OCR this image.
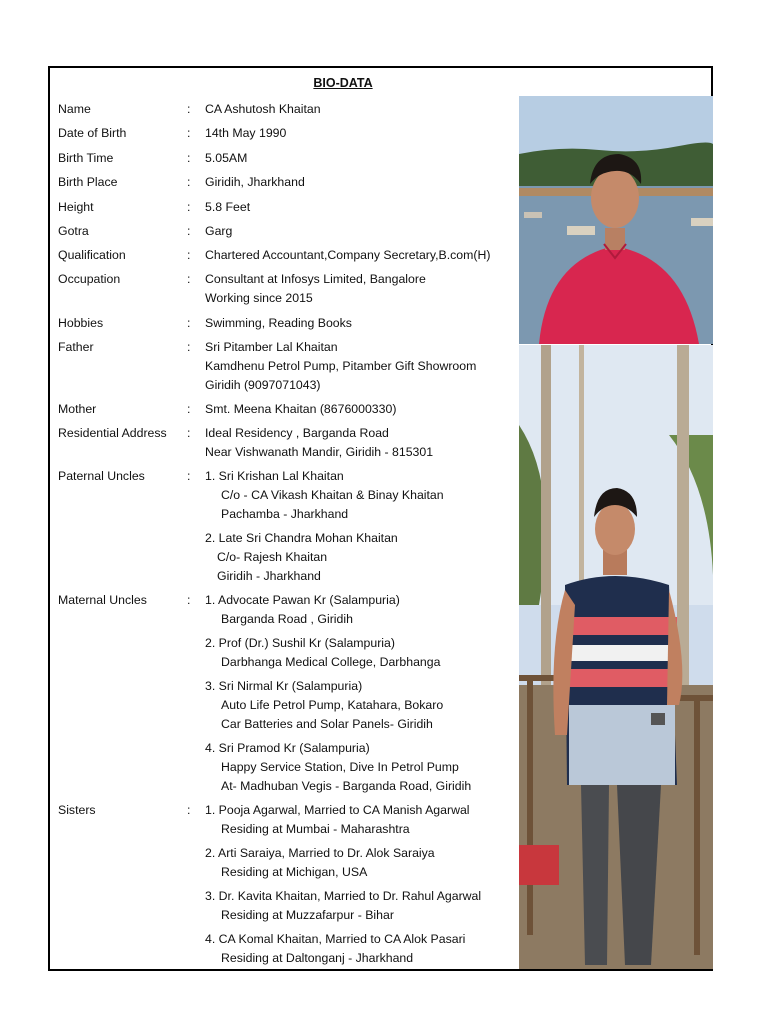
BIO-DATA
Name	: CA Ashutosh Khaitan
Date of Birth	: 14th May 1990
Birth Time	: 5.05AM
Birth Place	: Giridih, Jharkhand
Height	: 5.8 Feet
Gotra	: Garg
Qualification	: Chartered Accountant,Company Secretary,B.com(H)
Occupation	: Consultant at Infosys Limited, Bangalore
Working since 2015
Hobbies	: Swimming, Reading Books
Father	: Sri Pitamber Lal Khaitan
Kamdhenu Petrol Pump, Pitamber Gift Showroom
Giridih (9097071043)
Mother	: Smt. Meena Khaitan (8676000330)
Residential Address	: Ideal Residency , Barganda Road
Near Vishwanath Mandir, Giridih - 815301
Paternal Uncles	: 1. Sri Krishan Lal Khaitan
C/o - CA Vikash Khaitan & Binay Khaitan
Pachamba - Jharkhand
2. Late Sri Chandra Mohan Khaitan
C/o- Rajesh Khaitan
Giridih - Jharkhand
Maternal Uncles	: 1. Advocate Pawan Kr (Salampuria)
Barganda Road , Giridih
2. Prof (Dr.) Sushil Kr (Salampuria)
Darbhanga Medical College, Darbhanga
3. Sri Nirmal Kr (Salampuria)
Auto Life Petrol Pump, Katahara, Bokaro
Car Batteries and Solar Panels- Giridih
4. Sri Pramod Kr (Salampuria)
Happy Service Station, Dive In Petrol Pump
At- Madhuban Vegis - Barganda Road, Giridih
Sisters	: 1. Pooja Agarwal, Married to CA Manish Agarwal
Residing at Mumbai - Maharashtra
2. Arti Saraiya, Married to Dr. Alok Saraiya
Residing at Michigan, USA
3. Dr. Kavita Khaitan, Married to Dr. Rahul Agarwal
Residing at Muzzafarpur - Bihar
4. CA Komal Khaitan, Married to CA Alok Pasari
Residing at Daltonganj - Jharkhand
